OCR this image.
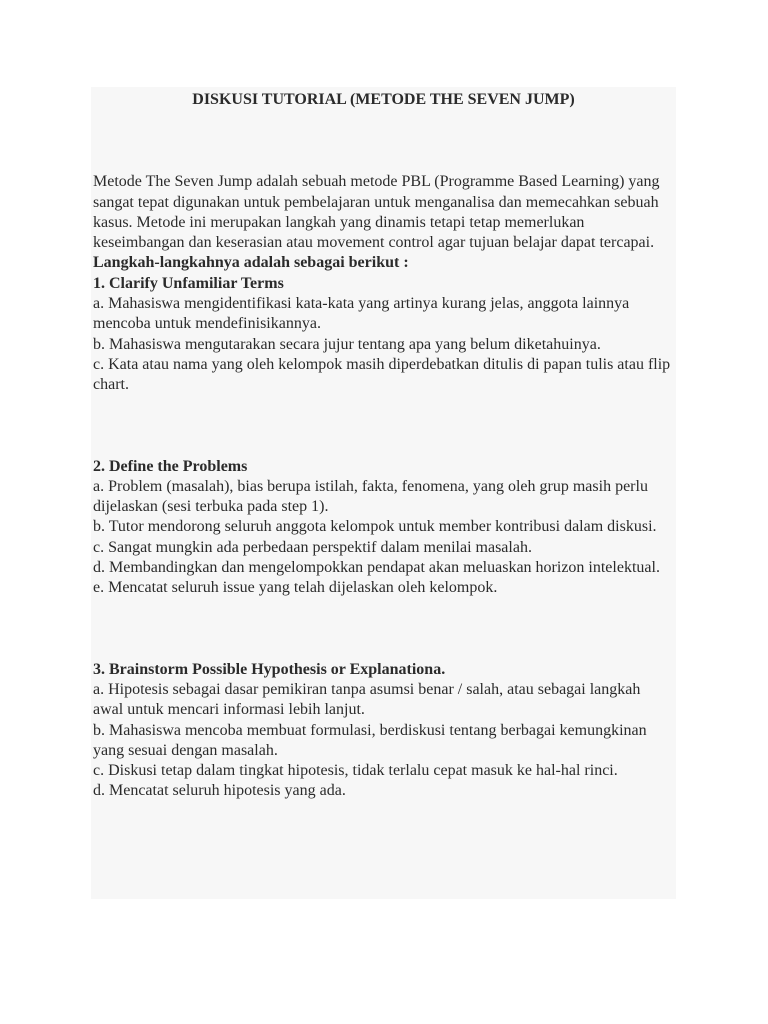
DISKUSI TUTORIAL (METODE THE SEVEN JUMP)

Metode The Seven Jump adalah sebuah metode PBL (Programme Based Learning) yang sangat tepat digunakan untuk pembelajaran untuk menganalisa dan memecahkan sebuah kasus. Metode ini merupakan langkah yang dinamis tetapi tetap memerlukan keseimbangan dan keserasian atau movement control agar tujuan belajar dapat tercapai.

Langkah-langkahnya adalah sebagai berikut :

1. Clarify Unfamiliar Terms

a. Mahasiswa mengidentifikasi kata-kata yang artinya kurang jelas, anggota lainnya mencoba untuk mendefinisikannya.

b. Mahasiswa mengutarakan secara jujur tentang apa yang belum diketahuinya.

c. Kata atau nama yang oleh kelompok masih diperdebatkan ditulis di papan tulis atau flip chart.

2. Define the Problems

a. Problem (masalah), bias berupa istilah, fakta, fenomena, yang oleh grup masih perlu dijelaskan (sesi terbuka pada step 1).

b. Tutor mendorong seluruh anggota kelompok untuk member kontribusi dalam diskusi.

c. Sangat mungkin ada perbedaan perspektif dalam menilai masalah.

d. Membandingkan dan mengelompokkan pendapat akan meluaskan horizon intelektual.

e. Mencatat seluruh issue yang telah dijelaskan oleh kelompok.

3. Brainstorm Possible Hypothesis or Explanationa.

a. Hipotesis sebagai dasar pemikiran tanpa asumsi benar / salah, atau sebagai langkah awal untuk mencari informasi lebih lanjut.

b. Mahasiswa mencoba membuat formulasi, berdiskusi tentang berbagai kemungkinan yang sesuai dengan masalah.

c. Diskusi tetap dalam tingkat hipotesis, tidak terlalu cepat masuk ke hal-hal rinci.

d. Mencatat seluruh hipotesis yang ada.
